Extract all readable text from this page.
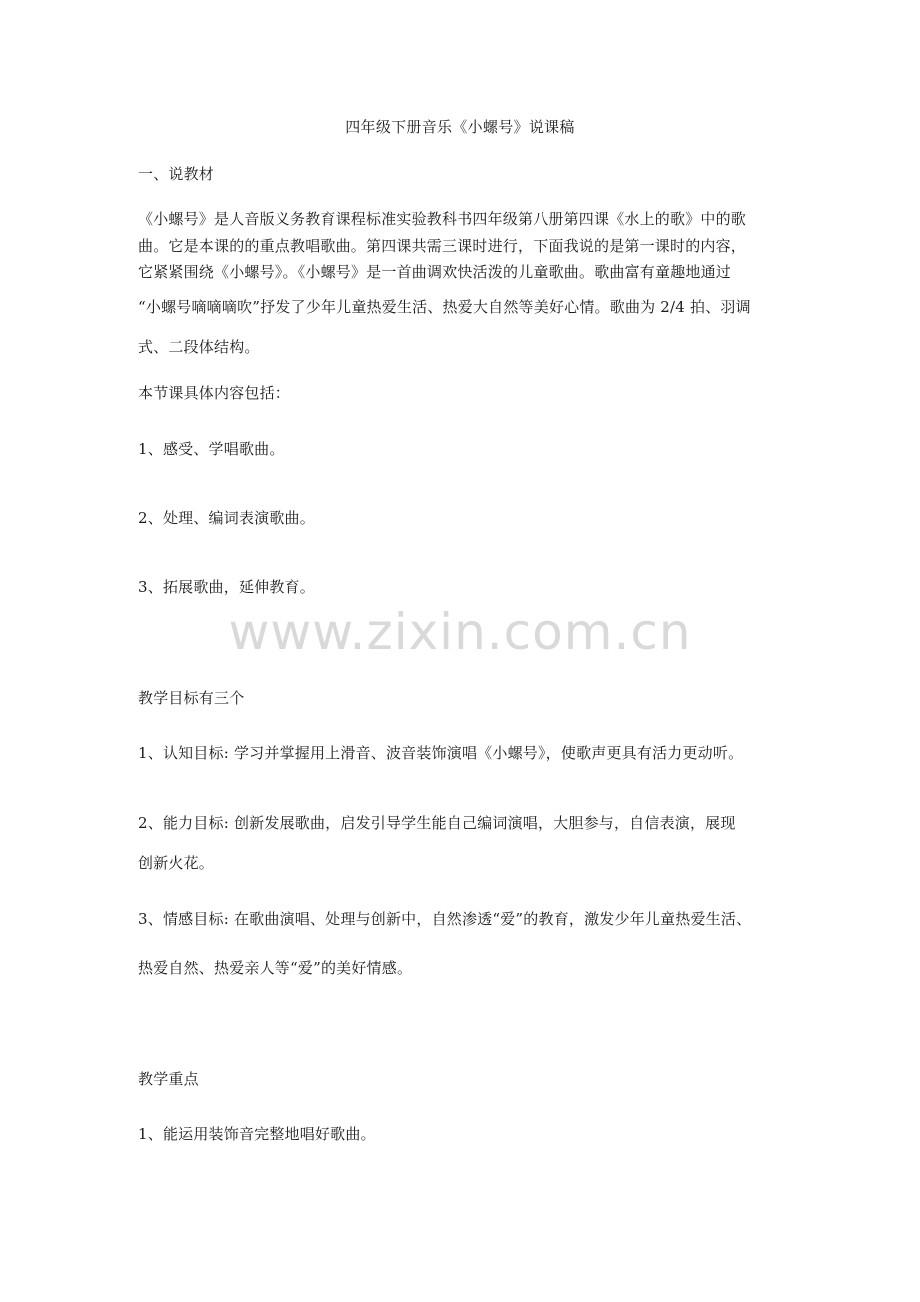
四年级下册音乐《小螺号》说课稿
一、说教材
《小螺号》是人音版义务教育课程标准实验教科书四年级第八册第四课《水上的歌》中的歌
曲。它是本课的的重点教唱歌曲。第四课共需三课时进行，下面我说的是第一课时的内容，
它紧紧围绕《小螺号》。《小螺号》是一首曲调欢快活泼的儿童歌曲。歌曲富有童趣地通过
“小螺号嘀嘀嘀吹”抒发了少年儿童热爱生活、热爱大自然等美好心情。歌曲为 2/4 拍、羽调
式、二段体结构。
本节课具体内容包括：
1、感受、学唱歌曲。
2、处理、编词表演歌曲。
3、拓展歌曲，延伸教育。
www.zixin.com.cn
教学目标有三个
1、认知目标: 学习并掌握用上滑音、波音装饰演唱《小螺号》，使歌声更具有活力更动听。
2、能力目标: 创新发展歌曲，启发引导学生能自己编词演唱，大胆参与，自信表演，展现
创新火花。
3、情感目标: 在歌曲演唱、处理与创新中，自然渗透“爱”的教育，激发少年儿童热爱生活、
热爱自然、热爱亲人等“爱”的美好情感。
教学重点
1、能运用装饰音完整地唱好歌曲。
